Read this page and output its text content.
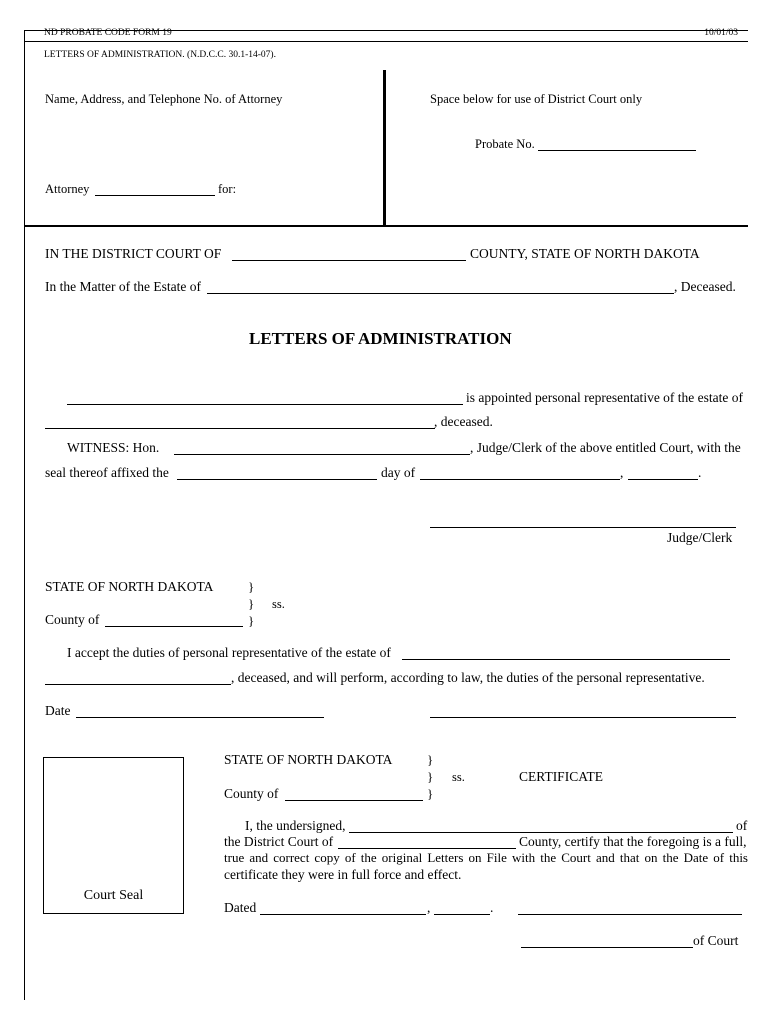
ND PROBATE CODE FORM 19	10/01/03
LETTERS OF ADMINISTRATION. (N.D.C.C. 30.1-14-07).
Name, Address, and Telephone No. of Attorney	Space below for use of District Court only
Probate No.
Attorney	for:
IN THE DISTRICT COURT OF	COUNTY, STATE OF NORTH DAKOTA
In the Matter of the Estate of	, Deceased.
LETTERS OF ADMINISTRATION
is appointed personal representative of the estate of
, deceased.
WITNESS: Hon.	, Judge/Clerk of the above entitled Court, with the
seal thereof affixed the	day of	,	.
Judge/Clerk
STATE OF NORTH DAKOTA	}
} ss.
}
County of
I accept the duties of personal representative of the estate of
, deceased, and will perform, according to law, the duties of the personal representative.
Date
Court Seal
STATE OF NORTH DAKOTA	}
} ss.	CERTIFICATE
}
County of
I, the undersigned,	of
the District Court of	County, certify that the foregoing is a full,
true and correct copy of the original Letters on File with the Court and that on the Date of this
certificate they were in full force and effect.
Dated	,	.
of Court
